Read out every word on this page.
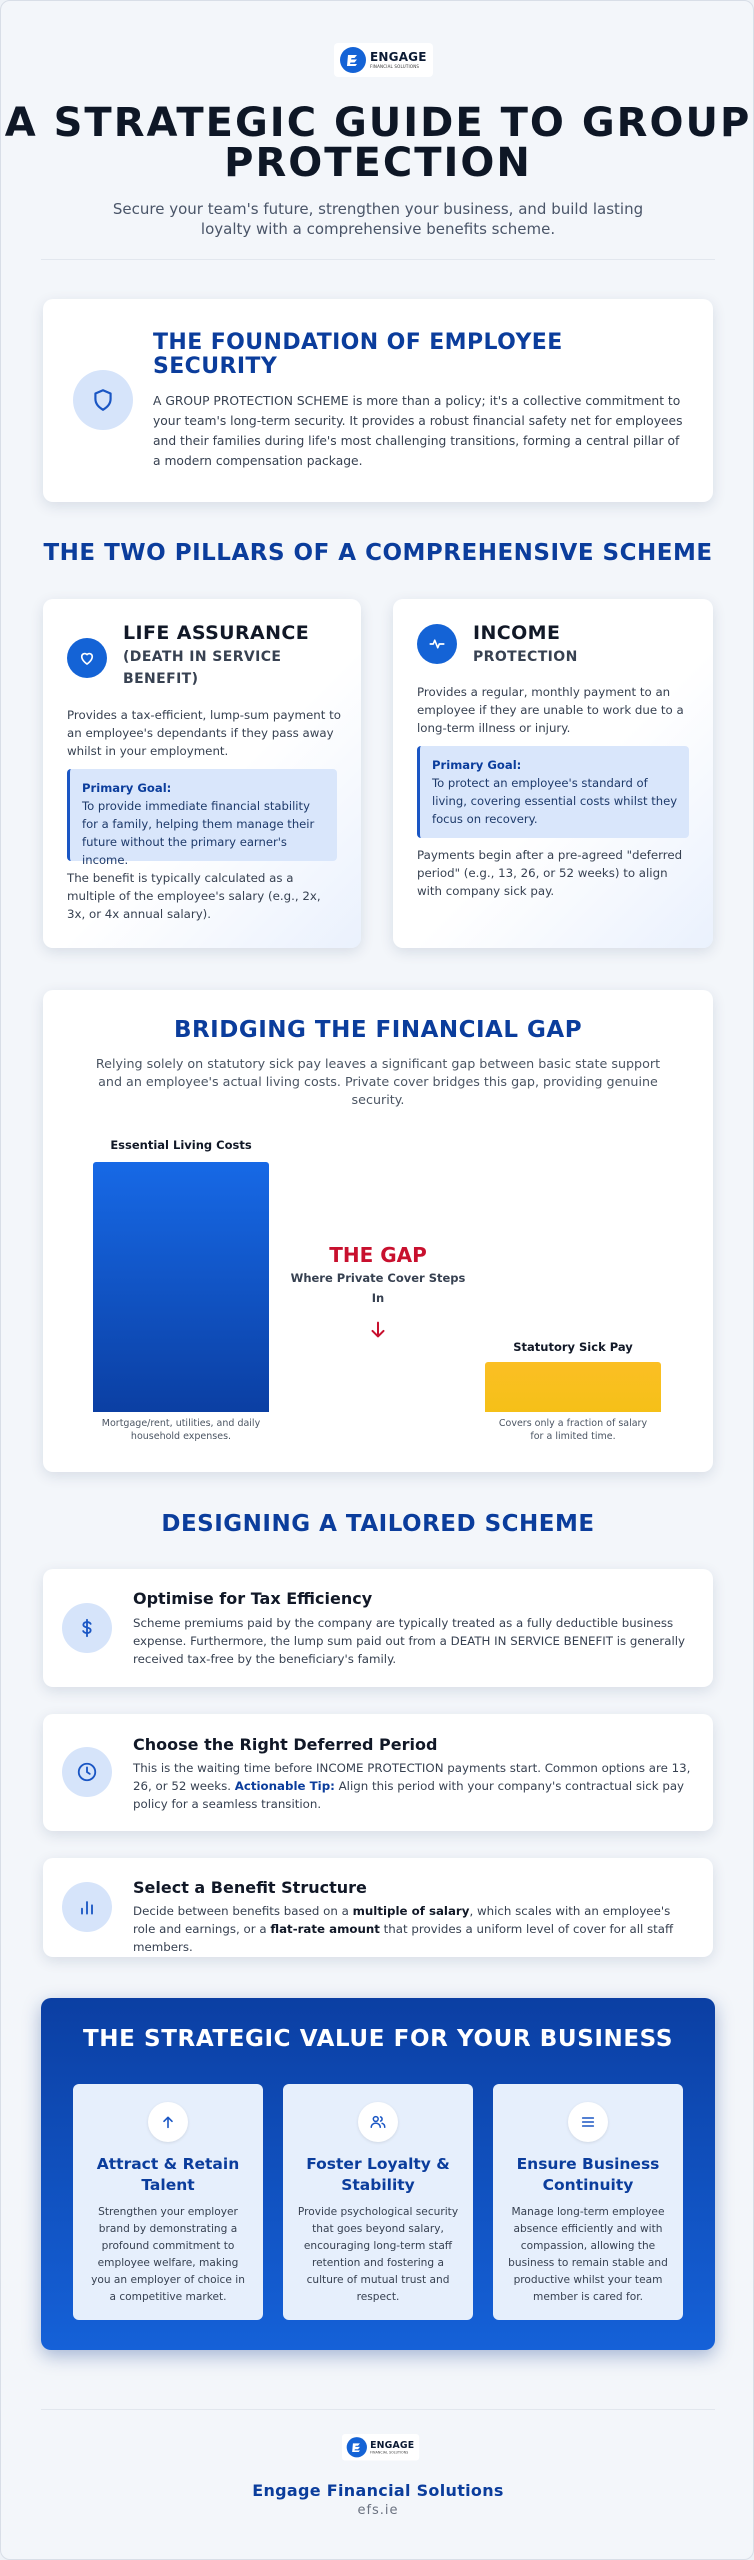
ENGAGE
FINANCIAL SOLUTIONS
A STRATEGIC GUIDE TO GROUP PROTECTION
Secure your team's future, strengthen your business, and build lasting loyalty with a comprehensive benefits scheme.
THE FOUNDATION OF EMPLOYEE SECURITY
A GROUP PROTECTION SCHEME is more than a policy; it's a collective commitment to your team's long-term security. It provides a robust financial safety net for employees and their families during life's most challenging transitions, forming a central pillar of a modern compensation package.
THE TWO PILLARS OF A COMPREHENSIVE SCHEME
LIFE ASSURANCE
(DEATH IN SERVICE BENEFIT)
Provides a tax-efficient, lump-sum payment to an employee's dependants if they pass away whilst in your employment.
Primary Goal:
To provide immediate financial stability for a family, helping them manage their future without the primary earner's income.
The benefit is typically calculated as a multiple of the employee's salary (e.g., 2x, 3x, or 4x annual salary).
INCOME
PROTECTION
Provides a regular, monthly payment to an employee if they are unable to work due to a long-term illness or injury.
Primary Goal:
To protect an employee's standard of living, covering essential costs whilst they focus on recovery.
Payments begin after a pre-agreed "deferred period" (e.g., 13, 26, or 52 weeks) to align with company sick pay.
BRIDGING THE FINANCIAL GAP
Relying solely on statutory sick pay leaves a significant gap between basic state support and an employee's actual living costs. Private cover bridges this gap, providing genuine security.
Essential Living Costs
Mortgage/rent, utilities, and daily household expenses.
THE GAP
Where Private Cover Steps In
Statutory Sick Pay
Covers only a fraction of salary for a limited time.
DESIGNING A TAILORED SCHEME
Optimise for Tax Efficiency
Scheme premiums paid by the company are typically treated as a fully deductible business expense. Furthermore, the lump sum paid out from a DEATH IN SERVICE BENEFIT is generally received tax-free by the beneficiary's family.
Choose the Right Deferred Period
This is the waiting time before INCOME PROTECTION payments start. Common options are 13, 26, or 52 weeks. Actionable Tip: Align this period with your company's contractual sick pay policy for a seamless transition.
Select a Benefit Structure
Decide between benefits based on a multiple of salary, which scales with an employee's role and earnings, or a flat-rate amount that provides a uniform level of cover for all staff members.
THE STRATEGIC VALUE FOR YOUR BUSINESS
Attract & Retain Talent
Strengthen your employer brand by demonstrating a profound commitment to employee welfare, making you an employer of choice in a competitive market.
Foster Loyalty & Stability
Provide psychological security that goes beyond salary, encouraging long-term staff retention and fostering a culture of mutual trust and respect.
Ensure Business Continuity
Manage long-term employee absence efficiently and with compassion, allowing the business to remain stable and productive whilst your team member is cared for.
ENGAGE
FINANCIAL SOLUTIONS
Engage Financial Solutions
efs.ie
